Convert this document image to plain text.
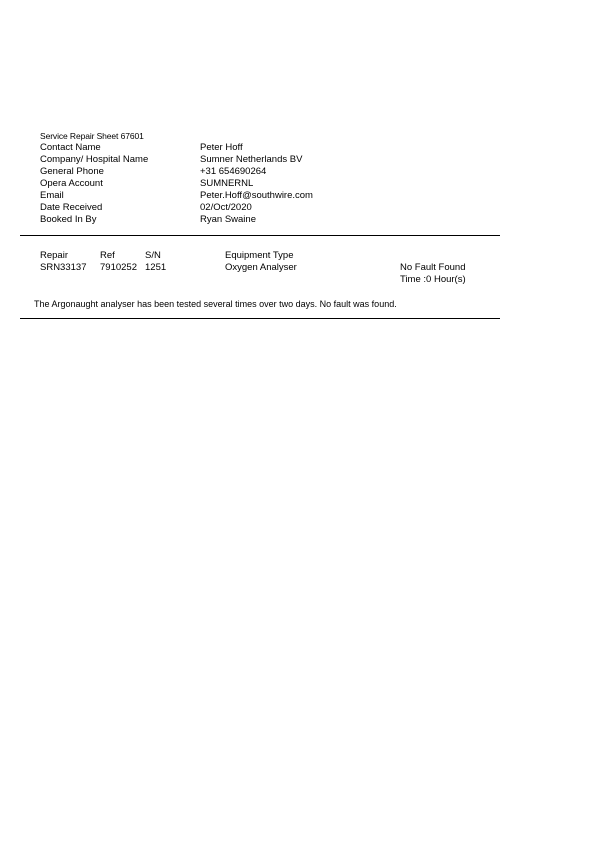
Service Repair Sheet 67601
Contact Name	Peter Hoff
Company/ Hospital Name	Sumner Netherlands BV
General Phone	+31 654690264
Opera Account	SUMNERNL
Email	Peter.Hoff@southwire.com
Date Received	02/Oct/2020
Booked In By	Ryan Swaine
Repair	Ref	S/N	Equipment Type
SRN33137 7910252 1251	Oxygen Analyser	No Fault Found
Time :0 Hour(s)
The Argonaught analyser has been tested several times over two days. No fault was found.
